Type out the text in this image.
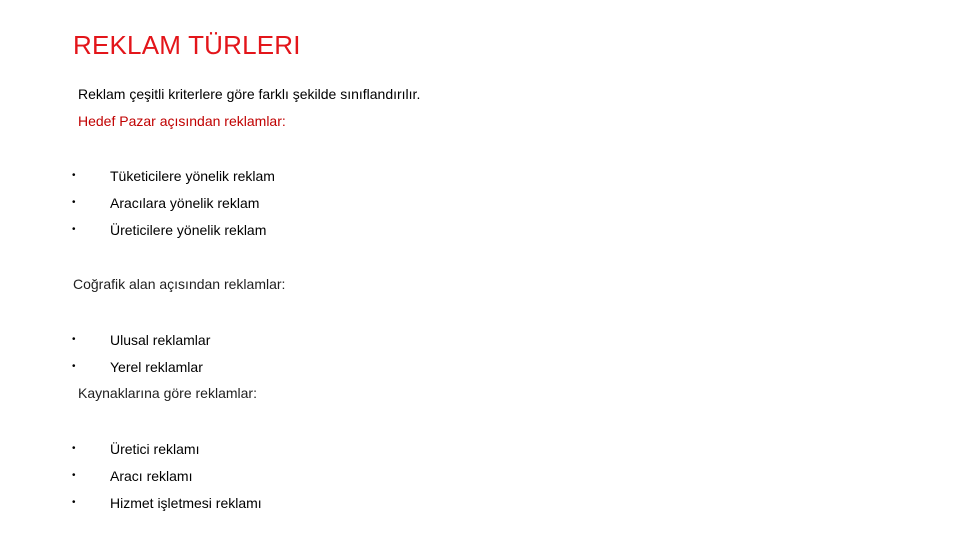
REKLAM TÜRLERI
Reklam çeşitli kriterlere göre farklı şekilde sınıflandırılır.
Hedef Pazar açısından reklamlar:
• Tüketicilere yönelik reklam
• Aracılara yönelik reklam
• Üreticilere yönelik reklam
Coğrafik alan açısından reklamlar:
• Ulusal reklamlar
• Yerel reklamlar
Kaynaklarına göre reklamlar:
• Üretici reklamı
• Aracı reklamı
• Hizmet işletmesi reklamı
